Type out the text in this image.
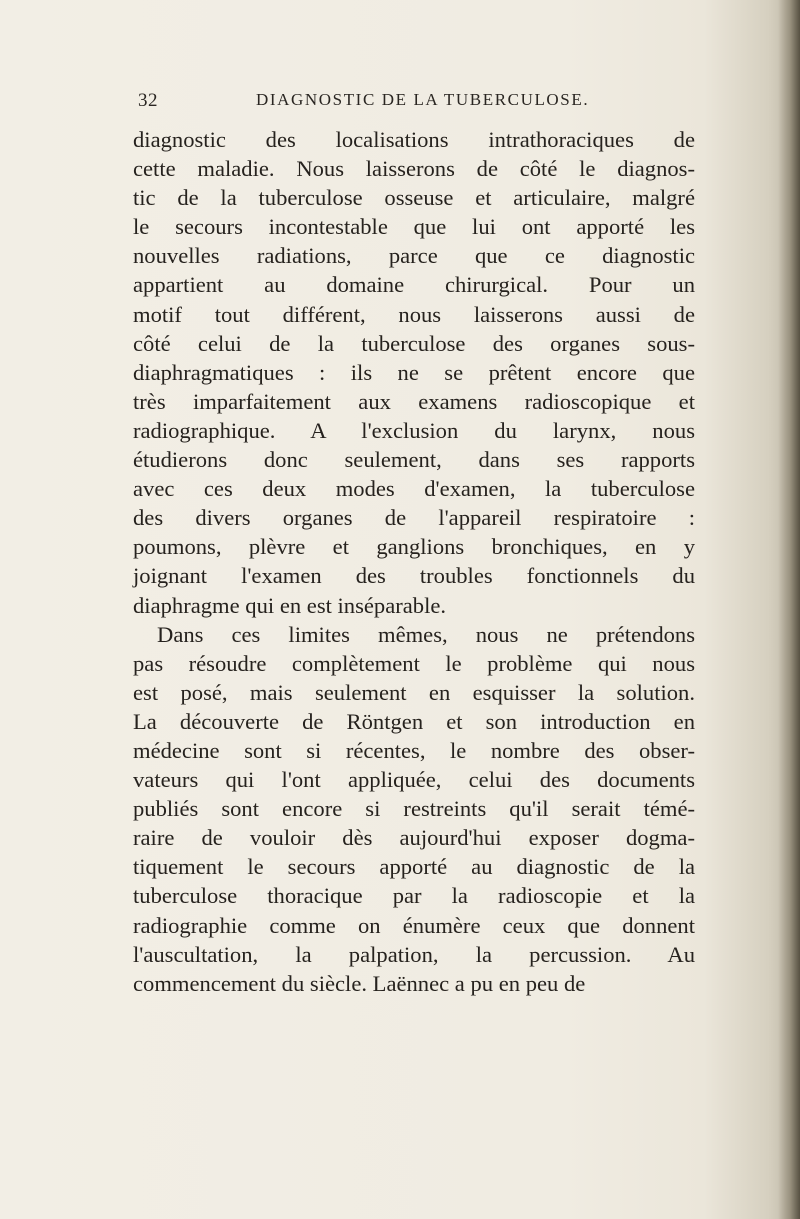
32	DIAGNOSTIC DE LA TUBERCULOSE.
diagnostic des localisations intrathoraciques de
cette maladie. Nous laisserons de côté le diagnos-
tic de la tuberculose osseuse et articulaire, malgré
le secours incontestable que lui ont apporté les
nouvelles radiations, parce que ce diagnostic
appartient au domaine chirurgical. Pour un
motif tout différent, nous laisserons aussi de
côté celui de la tuberculose des organes sous-
diaphragmatiques : ils ne se prêtent encore que
très imparfaitement aux examens radioscopique et
radiographique. A l'exclusion du larynx, nous
étudierons donc seulement, dans ses rapports
avec ces deux modes d'examen, la tuberculose
des divers organes de l'appareil respiratoire :
poumons, plèvre et ganglions bronchiques, en y
joignant l'examen des troubles fonctionnels du
diaphragme qui en est inséparable.
Dans ces limites mêmes, nous ne prétendons
pas résoudre complètement le problème qui nous
est posé, mais seulement en esquisser la solution.
La découverte de Röntgen et son introduction en
médecine sont si récentes, le nombre des obser-
vateurs qui l'ont appliquée, celui des documents
publiés sont encore si restreints qu'il serait témé-
raire de vouloir dès aujourd'hui exposer dogma-
tiquement le secours apporté au diagnostic de la
tuberculose thoracique par la radioscopie et la
radiographie comme on énumère ceux que donnent
l'auscultation, la palpation, la percussion. Au
commencement du siècle. Laënnec a pu en peu de
